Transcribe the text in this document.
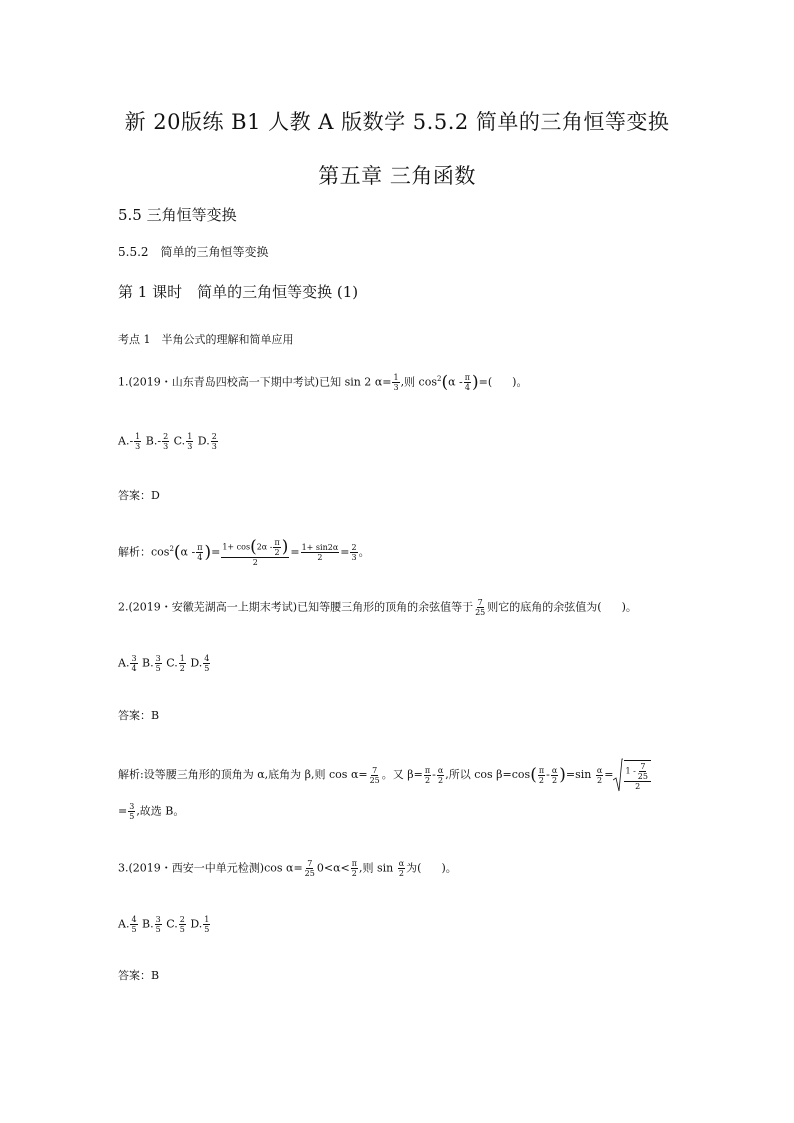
新 20版练 B1 人教 A 版数学 5.5.2 简单的三角恒等变换
第五章 三角函数
5.5 三角恒等变换
5.5.2　简单的三角恒等变换
第 1 课时　简单的三角恒等变换 (1)
考点 1　半角公式的理解和简单应用
1.(2019・山东青岛四校高一下期中考试)已知 sin 2 $\alpha= \frac{1}{3}$ ,则 $\cos^2(\alpha - \frac{\pi}{4}$ )=( )。
$A.- \frac{1}{3} B.- \frac{2}{3} C$. $\frac{1}{3} D$. $\frac{2}{3}$
答案：D
解析：$\cos^2(\alpha - \frac{\pi}{4}$ )= $\frac{1+ \cos(2\alpha - \frac{\pi}{2} )}{2} = \frac{1+ \sin 2\alpha}{2} = \frac{2}{3}$ 。
2.(2019・安徽芜湖高一上期末考试)已知等腰三角形的顶角的余弦值等于 $\frac{7}{25}$ 则它的底角的余弦值为( )。
A. $\frac{3}{4} B$. $\frac{3}{5} C$. $\frac{1}{2} D$. $\frac{4}{5}$
答案：B
解析:设等腰三角形的顶角为 α,底角为 β,则 $\cos \alpha= \frac{7}{25}$ 。又 $\beta= \frac{\pi}{2} - \frac{\alpha}{2}$ ,所以 $\cos \beta=\cos( \frac{\pi}{2} - \frac{\alpha}{2} )=\sin \frac{\alpha}{2} = \frac{1 - \frac{7}{25}}{2}$
= $\frac{3}{5}$ ,故选 B。
3.(2019・西安一中单元检测)cos $\alpha= \frac{7}{25} 0<\alpha< \frac{\pi}{2}$ ,则 $\sin \frac{\alpha}{2}$ 为( )。
A. $\frac{4}{5} B$. $\frac{3}{5} C$. $\frac{2}{5} D$. $\frac{1}{5}$
答案：B
